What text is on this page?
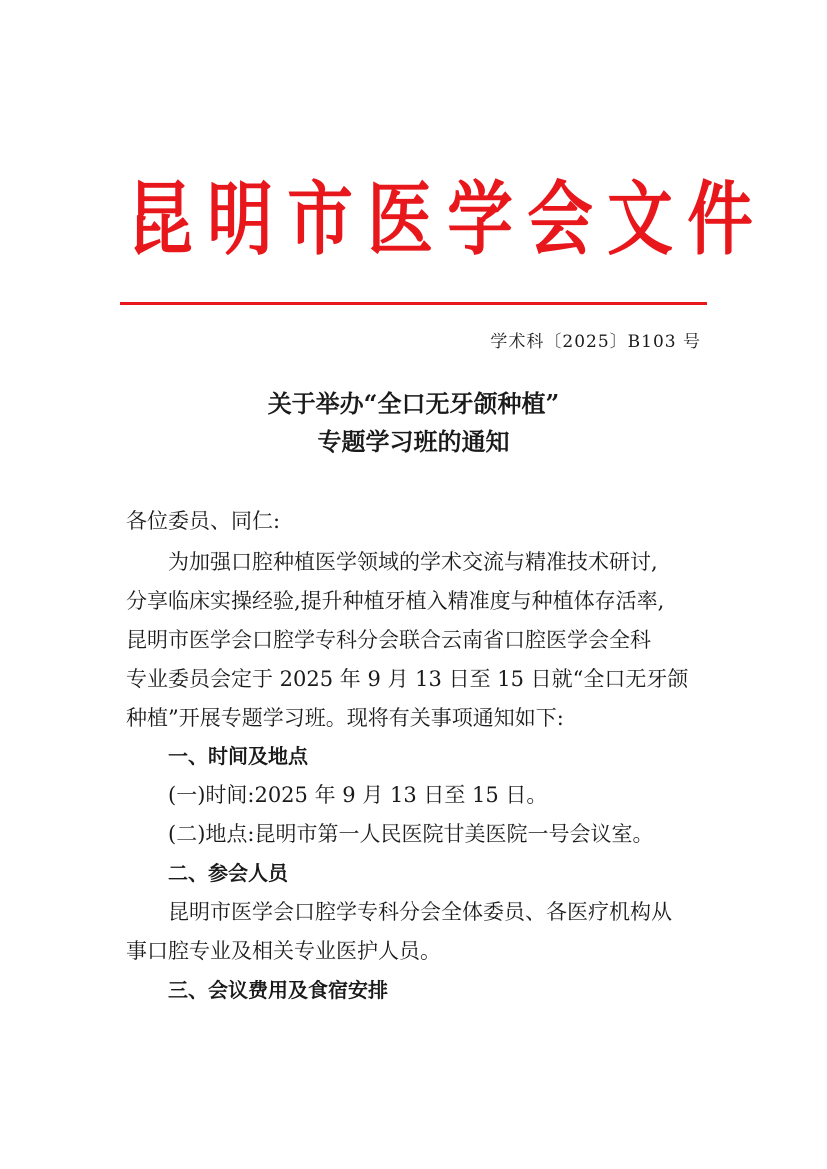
昆 明 市 医 学 会 文 件
学术科〔2025〕B103 号
关于举办“全口无牙颌种植”
专题学习班的通知
各位委员、同仁:
为加强口腔种植医学领域的学术交流与精准技术研讨,
分享临床实操经验,提升种植牙植入精准度与种植体存活率,
昆明市医学会口腔学专科分会联合云南省口腔医学会全科
专业委员会定于 2025 年 9 月 13 日至 15 日就“全口无牙颌
种植”开展专题学习班。现将有关事项通知如下:
一、时间及地点
(一)时间:2025 年 9 月 13 日至 15 日。
(二)地点:昆明市第一人民医院甘美医院一号会议室。
二、参会人员
昆明市医学会口腔学专科分会全体委员、各医疗机构从
事口腔专业及相关专业医护人员。
三、会议费用及食宿安排
